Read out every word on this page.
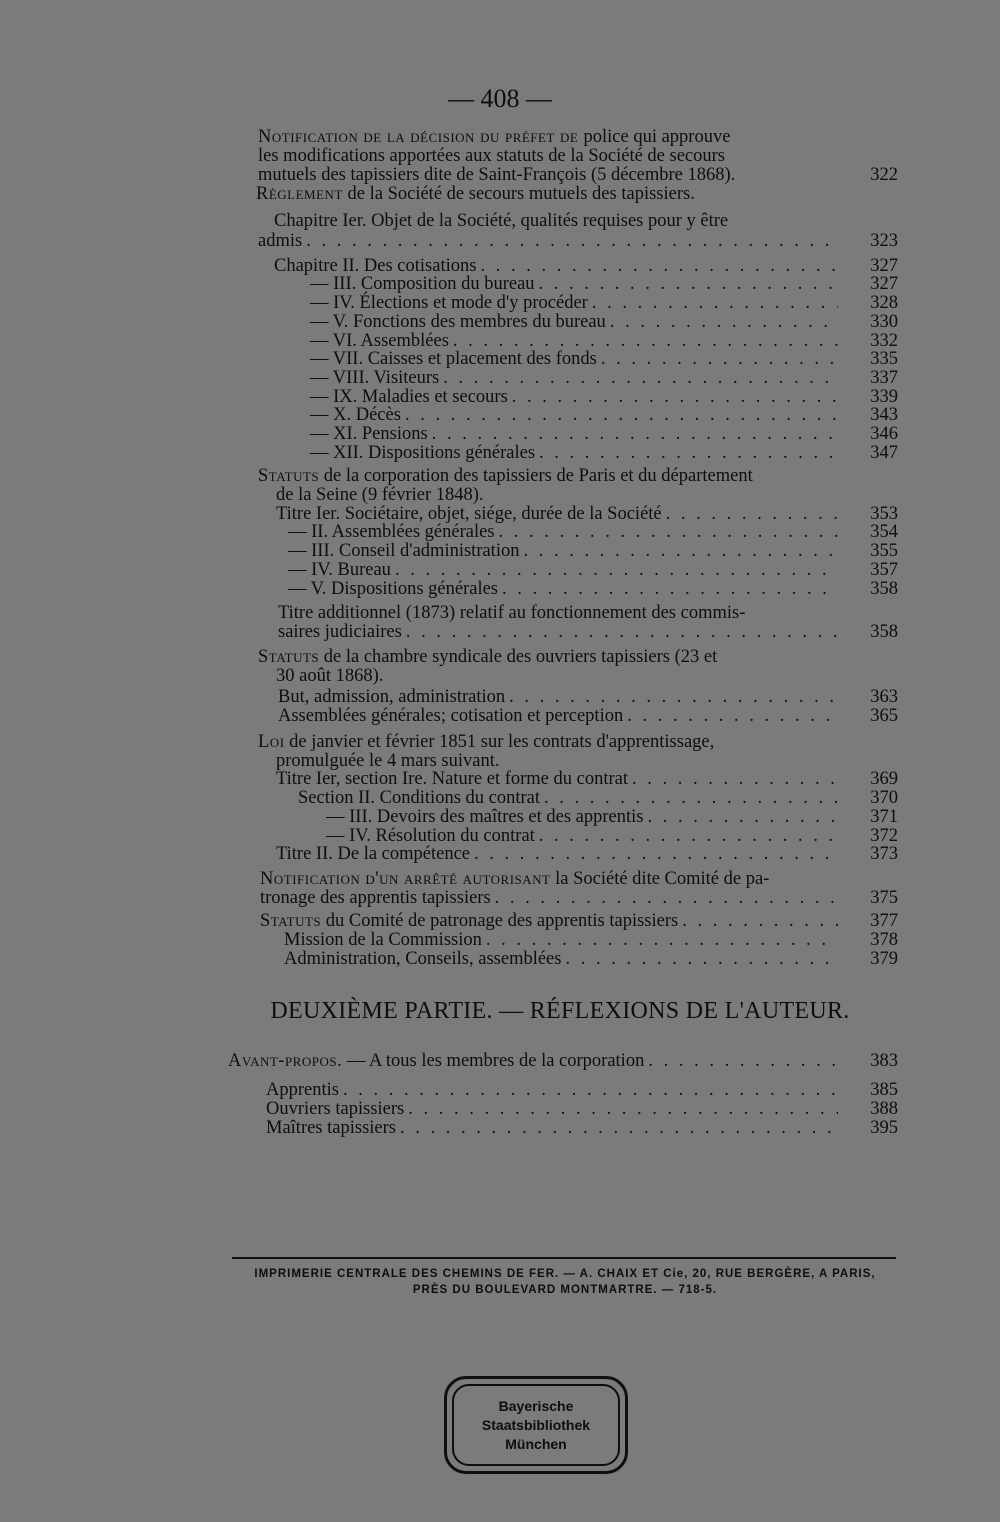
— 408 —
Notification de la décision du préfet de police qui approuve
les modifications apportées aux statuts de la Société de secours
mutuels des tapissiers dite de Saint-François (5 décembre 1868).	322
Règlement de la Société de secours mutuels des tapissiers.
Chapitre Ier. Objet de la Société, qualités requises pour y être
admis . . .	323
Chapitre II. Des cotisations . . .	327
— III. Composition du bureau . . .	327
— IV. Élections et mode d'y procéder . . .	328
— V. Fonctions des membres du bureau . . .	330
— VI. Assemblées . . .	332
— VII. Caisses et placement des fonds . . .	335
— VIII. Visiteurs . . .	337
— IX. Maladies et secours . . .	339
— X. Décès . . .	343
— XI. Pensions . . .	346
— XII. Dispositions générales . . .	347
Statuts de la corporation des tapissiers de Paris et du département
de la Seine (9 février 1848).
Titre Ier. Sociétaire, objet, siége, durée de la Société . . .	353
— II. Assemblées générales . . .	354
— III. Conseil d'administration . . .	355
— IV. Bureau . . .	357
— V. Dispositions générales . . .	358
Titre additionnel (1873) relatif au fonctionnement des commis-
saires judiciaires . . .	358
Statuts de la chambre syndicale des ouvriers tapissiers (23 et
30 août 1868).
But, admission, administration . . .	363
Assemblées générales; cotisation et perception . . .	365
Loi de janvier et février 1851 sur les contrats d'apprentissage,
promulguée le 4 mars suivant.
Titre Ier, section Ire. Nature et forme du contrat . . .	369
Section II. Conditions du contrat . . .	370
— III. Devoirs des maîtres et des apprentis . . .	371
— IV. Résolution du contrat . . .	372
Titre II. De la compétence . . .	373
Notification d'un arrêté autorisant la Société dite Comité de pa-
tronage des apprentis tapissiers . . .	375
Statuts du Comité de patronage des apprentis tapissiers . . .	377
Mission de la Commission . . .	378
Administration, Conseils, assemblées . . .	379
Avant-propos. — A tous les membres de la corporation . . .	383
Apprentis . . .	385
Ouvriers tapissiers . . .	388
Maîtres tapissiers . . .	395
DEUXIÈME PARTIE. — RÉFLEXIONS DE L'AUTEUR.
IMPRIMERIE CENTRALE DES CHEMINS DE FER. — A. CHAIX ET Cie, 20, RUE BERGÈRE, A PARIS,
Bayerische
Staatsbibliothek
München
PRÈS DU BOULEVARD MONTMARTRE. — 718-5.
